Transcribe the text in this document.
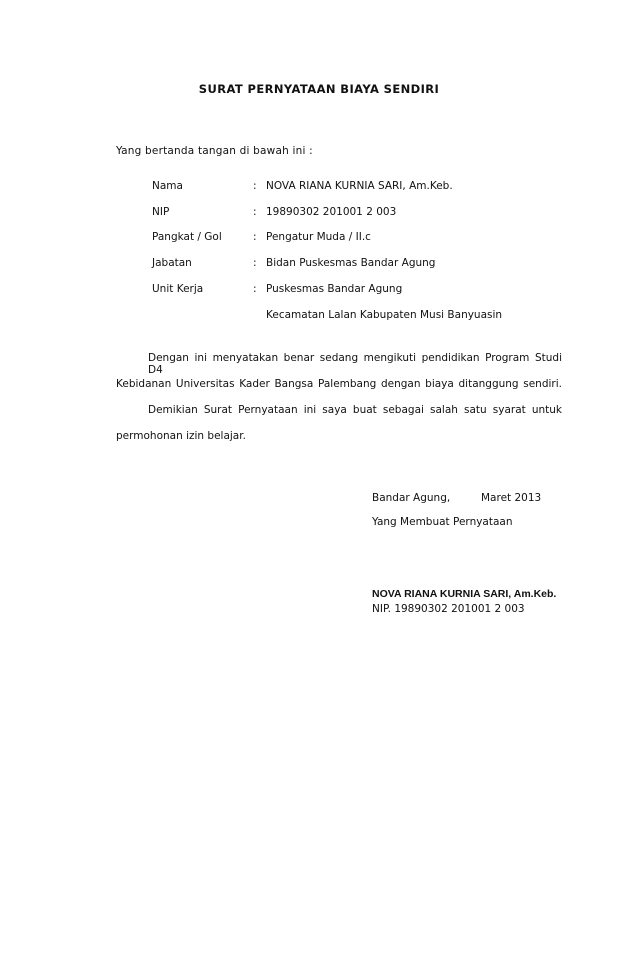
SURAT PERNYATAAN BIAYA SENDIRI
Yang bertanda tangan di bawah ini :
Nama	: NOVA RIANA KURNIA SARI, Am.Keb.
NIP	: 19890302 201001 2 003
Pangkat / Gol	: Pengatur Muda / II.c
Jabatan	: Bidan Puskesmas Bandar Agung
Unit Kerja	: Puskesmas Bandar Agung
Kecamatan Lalan Kabupaten Musi Banyuasin
Dengan ini menyatakan benar sedang mengikuti pendidikan Program Studi D4
Kebidanan Universitas Kader Bangsa Palembang dengan biaya ditanggung sendiri.
Demikian Surat Pernyataan ini saya buat sebagai salah satu syarat untuk
permohonan izin belajar.
Bandar Agung,	Maret 2013
Yang Membuat Pernyataan
NOVA RIANA KURNIA SARI, Am.Keb.
NIP. 19890302 201001 2 003
